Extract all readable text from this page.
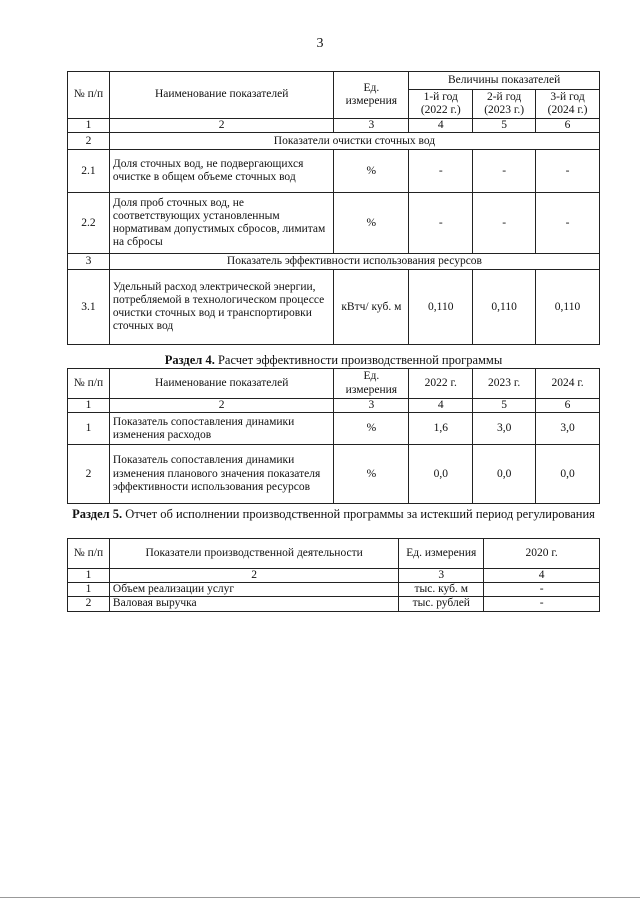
3
№ п/п	Наименование показателей	Ед. измерения	Величины показателей		
			1-й год (2022 г.)	2-й год (2023 г.)	3-й год (2024 г.)
1	2	3	4	5	6
2	Показатели очистки сточных вод				
2.1	Доля сточных вод, не подвергающихся очистке в общем объеме сточных вод	%	-	-	-
2.2	Доля проб сточных вод, не соответствующих установленным нормативам допустимых сбросов, лимитам на сбросы	%	-	-	-
3	Показатель эффективности использования ресурсов				
3.1	Удельный расход электрической энергии, потребляемой в технологическом процессе очистки сточных вод и транспортировки сточных вод	кВтч/ куб. м	0,110	0,110	0,110
Раздел 4. Расчет эффективности производственной программы
№ п/п	Наименование показателей	Ед. измерения	2022 г.	2023 г.	2024 г.
1	2	3	4	5	6
1	Показатель сопоставления динамики изменения расходов	%	1,6	3,0	3,0
2	Показатель сопоставления динамики изменения планового значения показателя эффективности использования ресурсов	%	0,0	0,0	0,0
Раздел 5. Отчет об исполнении производственной программы за истекший период регулирования
№ п/п	Показатели производственной деятельности	Ед. измерения	2020 г.
1	2	3	4
1	Объем реализации услуг	тыс. куб. м	-
2	Валовая выручка	тыс. рублей	-
